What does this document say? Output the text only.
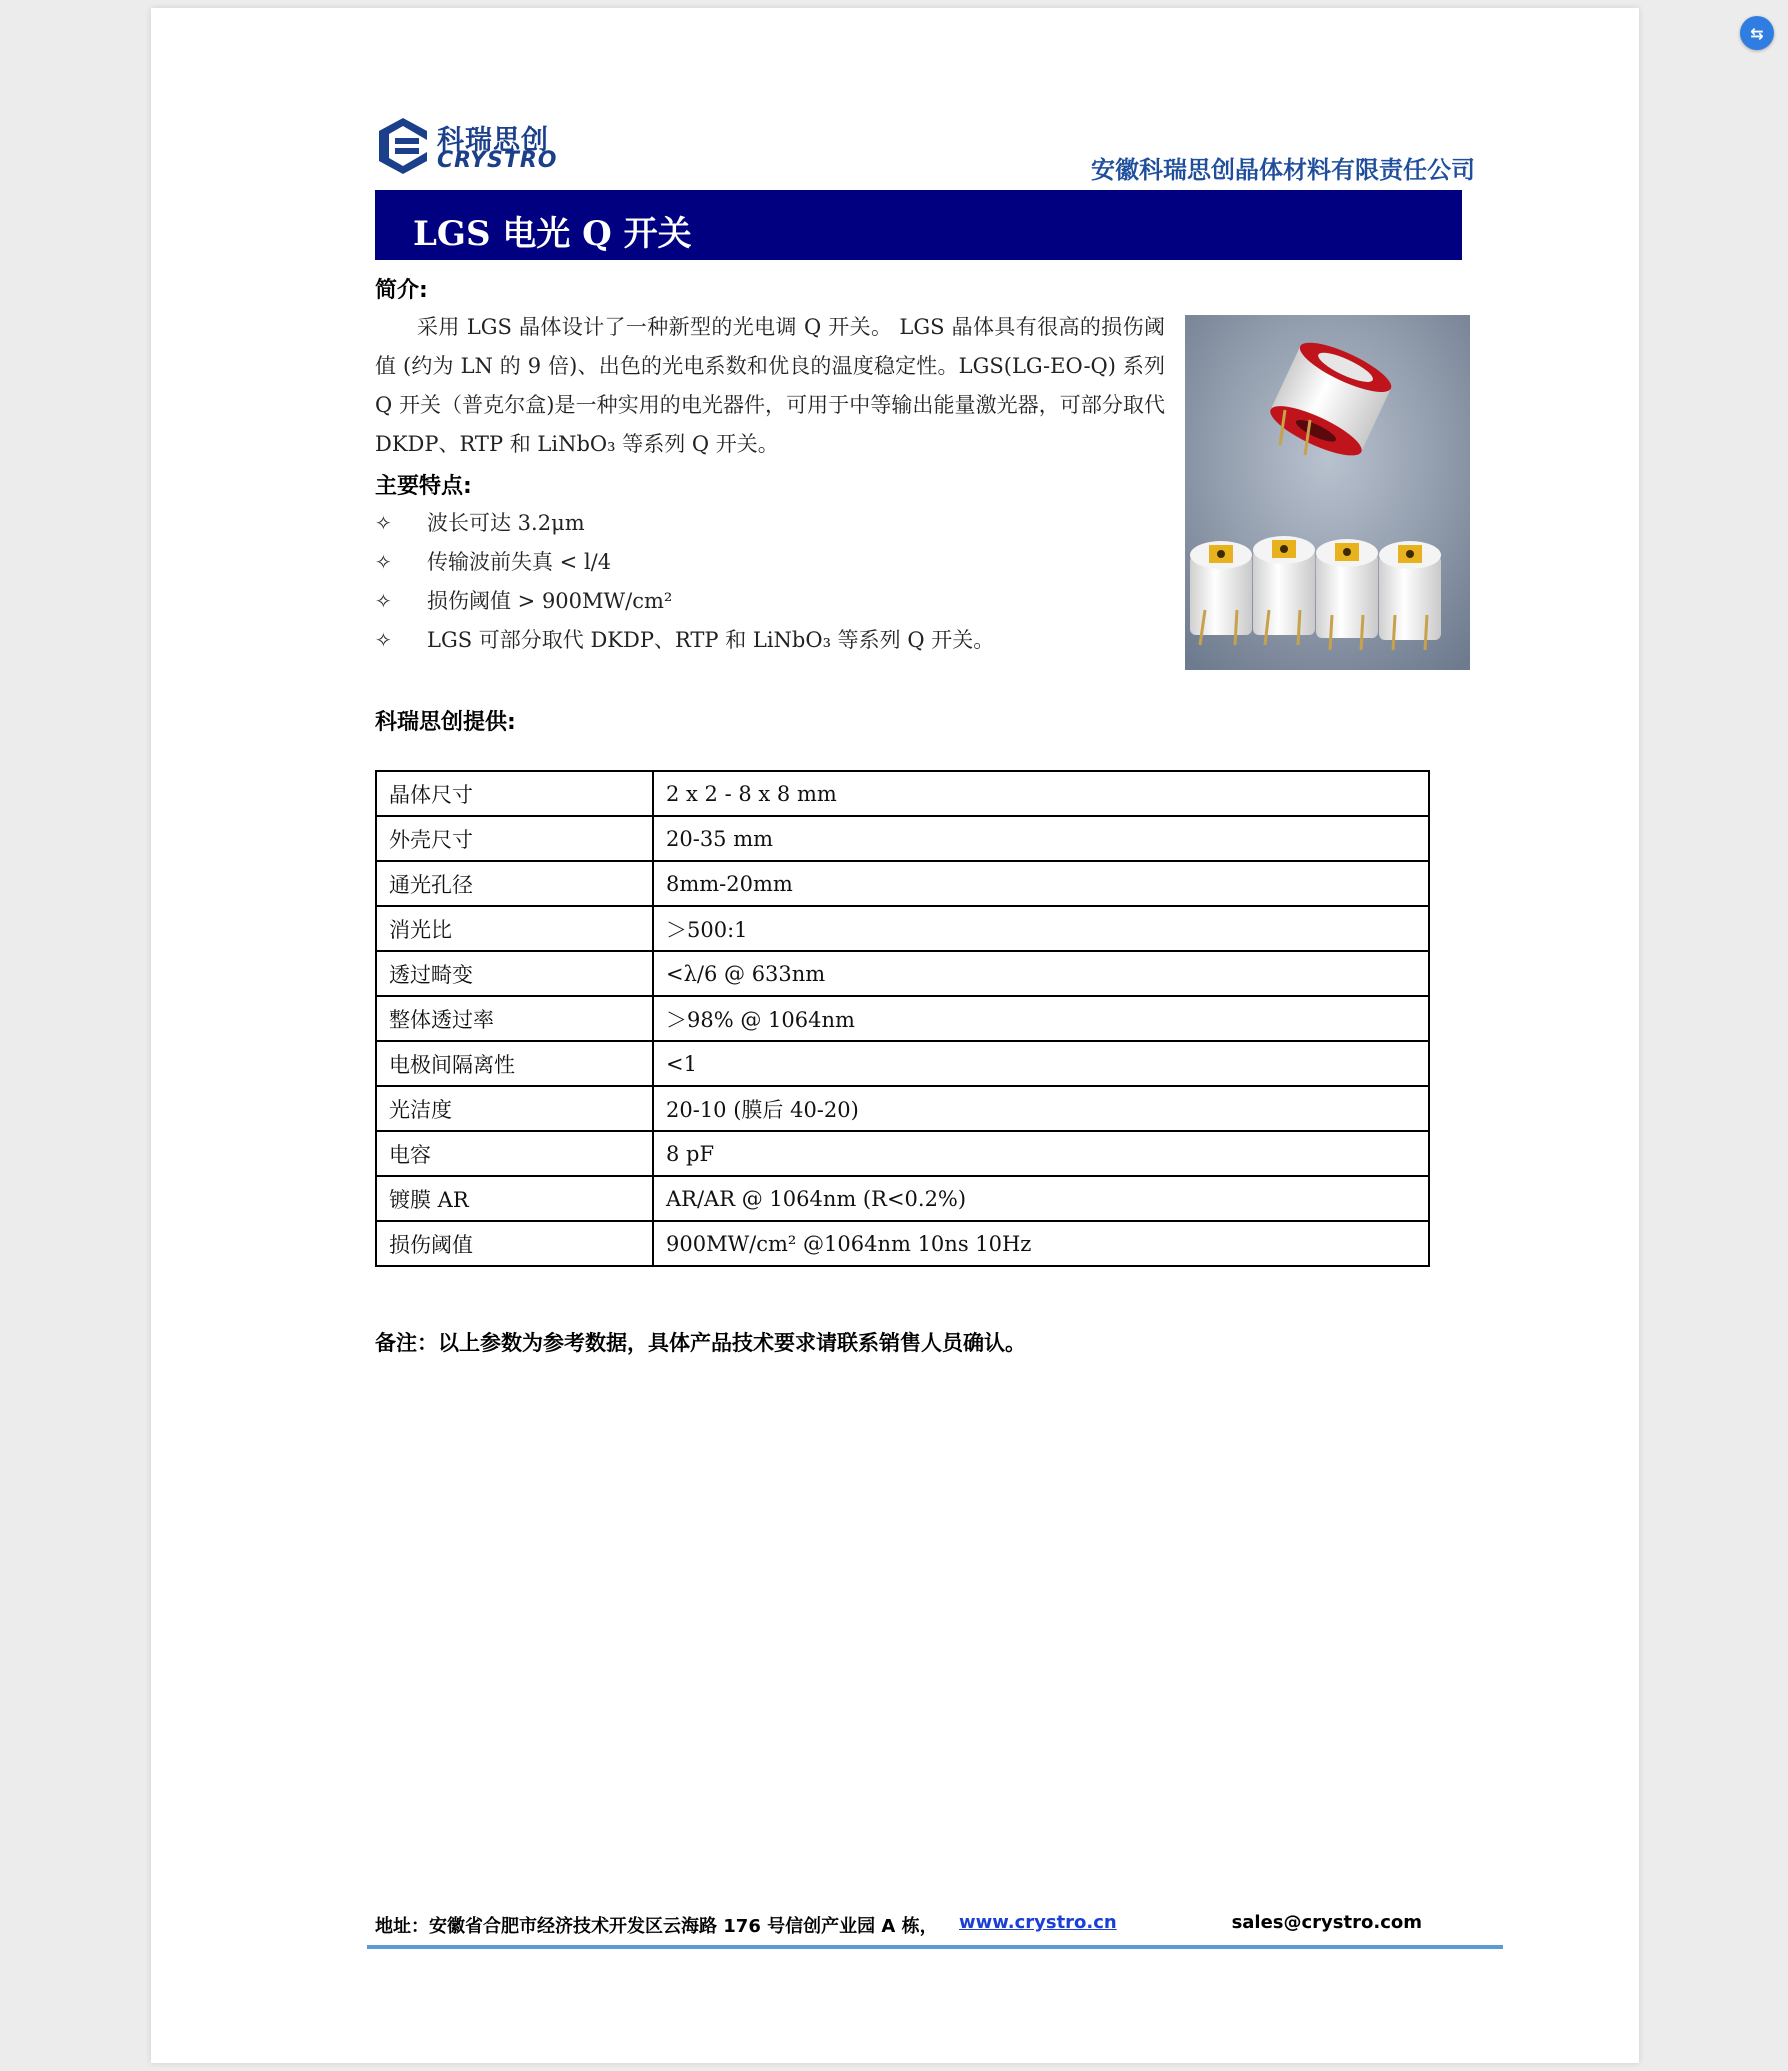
⇆
科瑞思创
CRYSTRO	安徽科瑞思创晶体材料有限责任公司
LGS 电光 Q 开关
简介:

采用 LGS 晶体设计了一种新型的光电调 Q 开关。 LGS 晶体具有很高的损伤阈值 (约为 LN 的 9 倍)、出色的光电系数和优良的温度稳定性。LGS(LG-EO-Q) 系列 Q 开关（普克尔盒)是一种实用的电光器件，可用于中等输出能量激光器，可部分取代 DKDP、RTP 和 LiNbO₃ 等系列 Q 开关。

主要特点:
✧	波长可达 3.2μm
✧	传输波前失真 < l/4
✧	损伤阈值 > 900MW/cm²
✧	LGS 可部分取代 DKDP、RTP 和 LiNbO₃ 等系列 Q 开关。
科瑞思创提供:
晶体尺寸	2 x 2 - 8 x 8 mm
外壳尺寸	20-35 mm
通光孔径	8mm-20mm
消光比	＞500:1
透过畸变	<λ/6 @ 633nm
整体透过率	＞98% @ 1064nm
电极间隔离性	<1
光洁度	20-10 (膜后 40-20)
电容	8 pF
镀膜 AR	AR/AR @ 1064nm (R<0.2%)
损伤阈值	900MW/cm² @1064nm 10ns 10Hz
备注：以上参数为参考数据，具体产品技术要求请联系销售人员确认。
地址：安徽省合肥市经济技术开发区云海路 176 号信创产业园 A 栋， www.crystro.cn	sales@crystro.com
